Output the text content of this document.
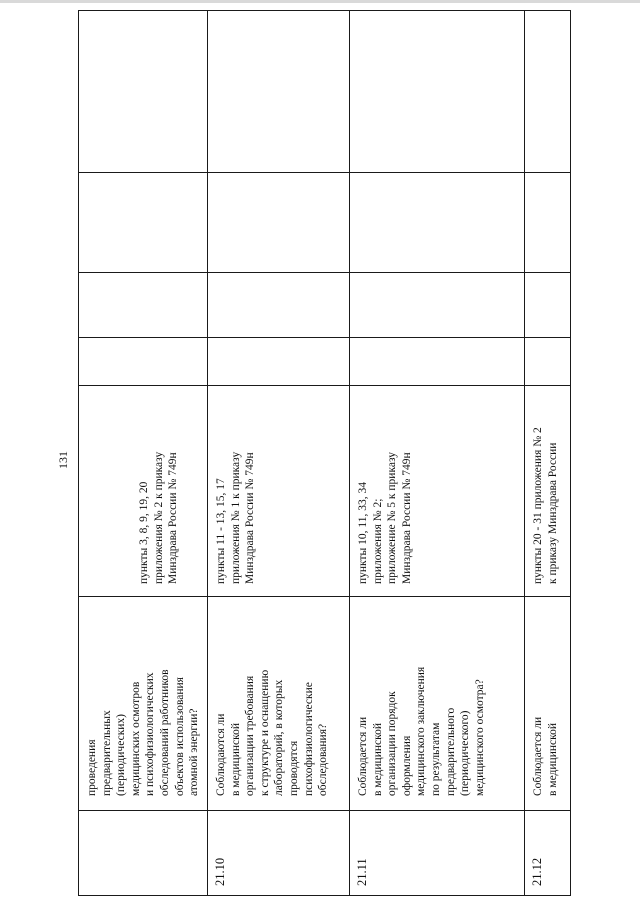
131
проведения предварительных (периодических) медицинских осмотров и психофизиологических обследований работников объектов использования атомной энергии?
пункты 3, 8, 9, 19, 20 приложения № 2 к приказу Минздрава России № 749н
21.10
Соблюдаются ли в медицинской организации требования к структуре и оснащению лабораторий, в которых проводятся психофизиологические обследования?
пункты 11 - 13, 15, 17 приложения № 1 к приказу Минздрава России № 749н
21.11
Соблюдается ли в медицинской организации порядок оформления медицинского заключения по результатам предварительного (периодического) медицинского осмотра?
пункты 10, 11, 33, 34 приложения № 2; приложение № 5 к приказу Минздрава России № 749н
21.12
Соблюдается ли в медицинской
пункты 20 - 31 приложения № 2 к приказу Минздрава России
